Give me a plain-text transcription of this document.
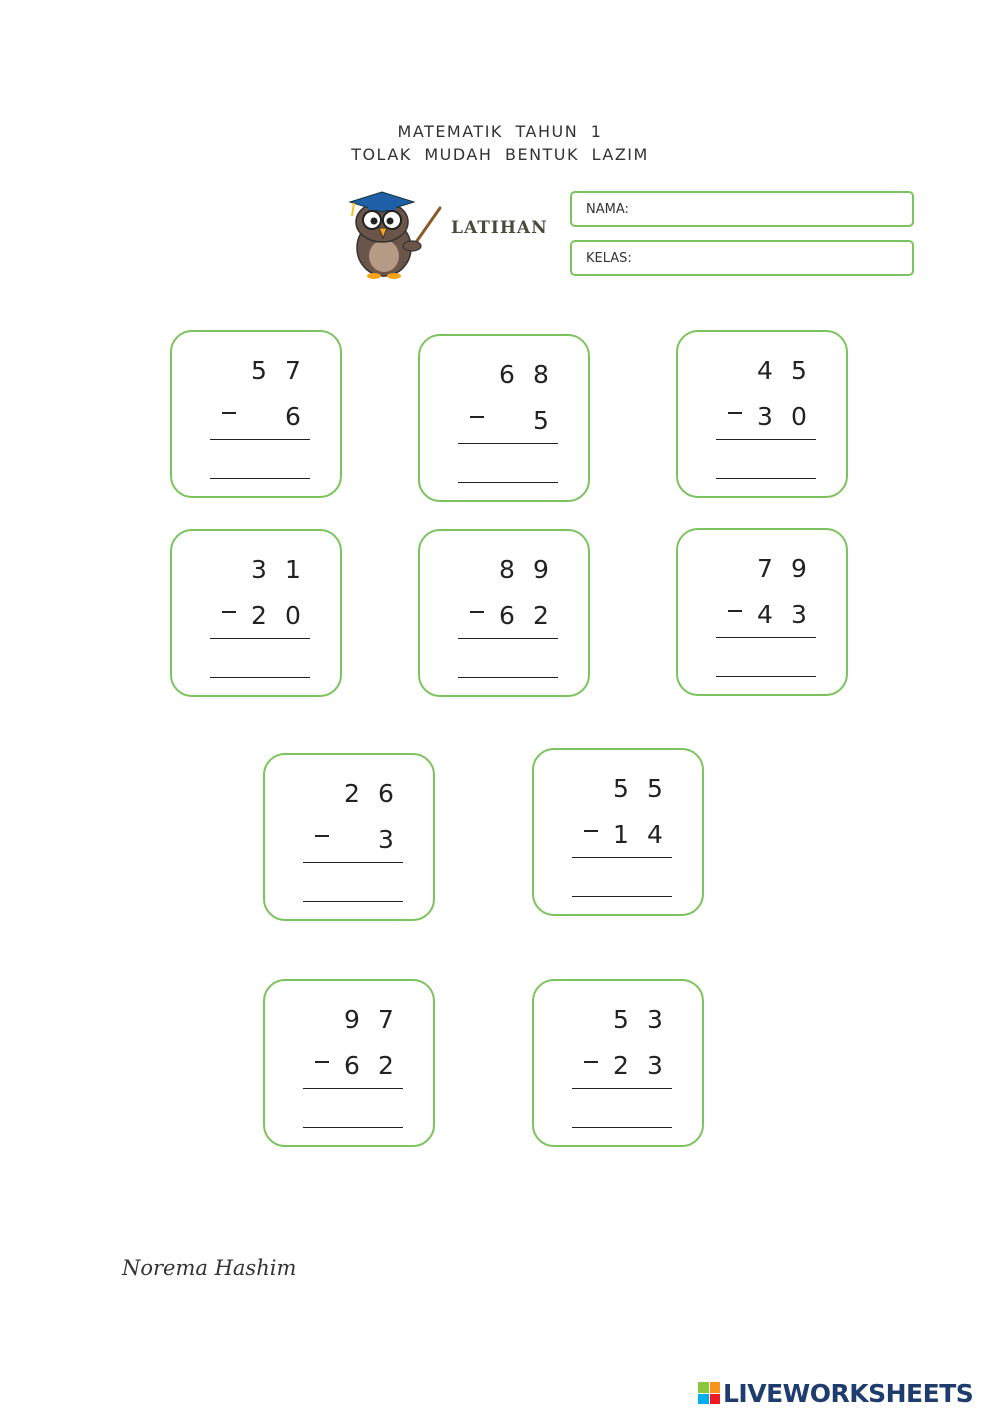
MATEMATIK TAHUN 1
TOLAK MUDAH BENTUK LAZIM
LATIHAN
NAMA:
KELAS:
5 7
6
6 8
5
4 5
3 0
3 1
2 0
8 9
6 2
7 9
4 3
2 6
3
5 5
1 4
9 7
6 2
5 3
2 3
Norema Hashim
LIVEWORKSHEETS
